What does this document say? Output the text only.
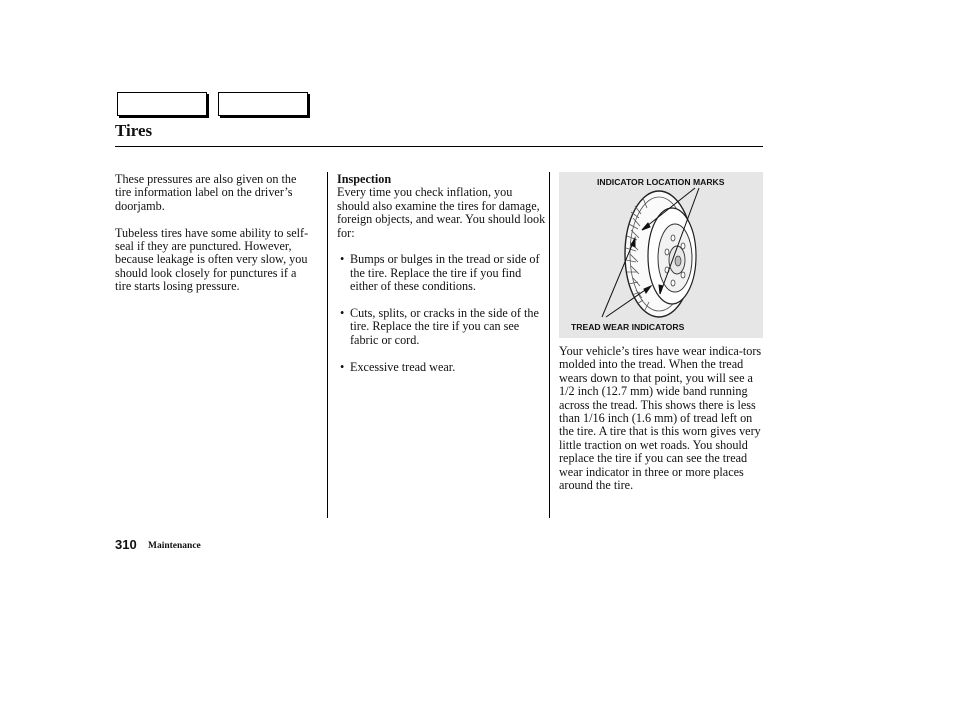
Tires

These pressures are also given on the tire information label on the driver’s doorjamb.

Tubeless tires have some ability to self-seal if they are punctured. However, because leakage is often very slow, you should look closely for punctures if a tire starts losing pressure.

Inspection

Every time you check inflation, you should also examine the tires for damage, foreign objects, and wear. You should look for:

• Bumps or bulges in the tread or side of the tire. Replace the tire if you find either of these conditions.
• Cuts, splits, or cracks in the side of the tire. Replace the tire if you can see fabric or cord.
• Excessive tread wear.
INDICATOR LOCATION MARKS
TREAD WEAR INDICATORS

Your vehicle’s tires have wear indica-tors molded into the tread. When the tread wears down to that point, you will see a 1/2 inch (12.7 mm) wide band running across the tread. This shows there is less than 1/16 inch (1.6 mm) of tread left on the tire. A tire that is this worn gives very little traction on wet roads. You should replace the tire if you can see the tread wear indicator in three or more places around the tire.

310 Maintenance
